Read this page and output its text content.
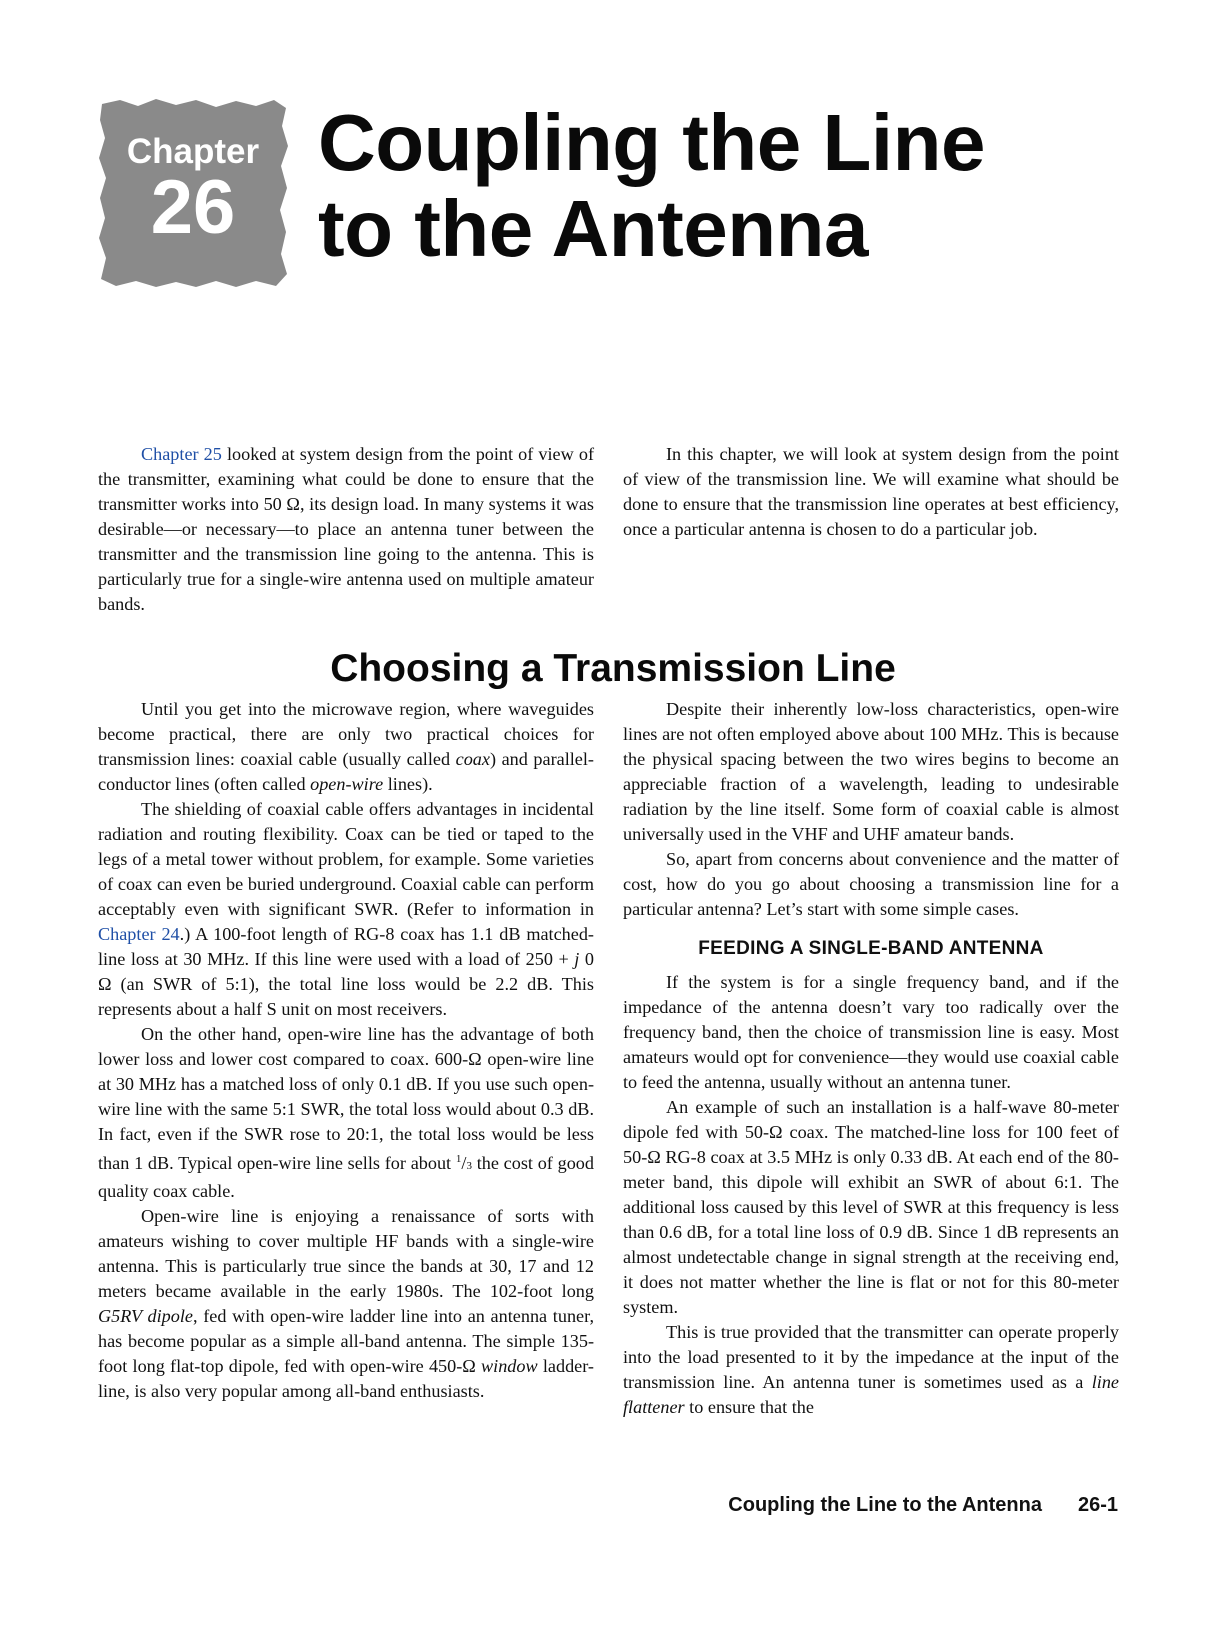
Chapter
26
Coupling the Line
to the Antenna

Chapter 25 looked at system design from the point of view of the transmitter, examining what could be done to ensure that the transmitter works into 50 Ω, its design load. In many systems it was desirable—or necessary—to place an antenna tuner between the transmitter and the transmission line going to the antenna. This is particularly true for a single-wire antenna used on multiple amateur bands.

In this chapter, we will look at system design from the point of view of the transmission line. We will examine what should be done to ensure that the transmission line operates at best efficiency, once a particular antenna is chosen to do a particular job.

Choosing a Transmission Line

Until you get into the microwave region, where waveguides become practical, there are only two practical choices for transmission lines: coaxial cable (usually called coax) and parallel-conductor lines (often called open-wire lines).

The shielding of coaxial cable offers advantages in incidental radiation and routing flexibility. Coax can be tied or taped to the legs of a metal tower without problem, for example. Some varieties of coax can even be buried underground. Coaxial cable can perform acceptably even with significant SWR. (Refer to information in Chapter 24.) A 100-foot length of RG-8 coax has 1.1 dB matched-line loss at 30 MHz. If this line were used with a load of 250 + j 0 Ω (an SWR of 5:1), the total line loss would be 2.2 dB. This represents about a half S unit on most receivers.

On the other hand, open-wire line has the advantage of both lower loss and lower cost compared to coax. 600-Ω open-wire line at 30 MHz has a matched loss of only 0.1 dB. If you use such open-wire line with the same 5:1 SWR, the total loss would about 0.3 dB. In fact, even if the SWR rose to 20:1, the total loss would be less than 1 dB. Typical open-wire line sells for about $^1$/3 the cost of good quality coax cable.

Open-wire line is enjoying a renaissance of sorts with amateurs wishing to cover multiple HF bands with a single-wire antenna. This is particularly true since the bands at 30, 17 and 12 meters became available in the early 1980s. The 102-foot long G5RV dipole, fed with open-wire ladder line into an antenna tuner, has become popular as a simple all-band antenna. The simple 135-foot long flat-top dipole, fed with open-wire 450-Ω window ladder-line, is also very popular among all-band enthusiasts.

Despite their inherently low-loss characteristics, open-wire lines are not often employed above about 100 MHz. This is because the physical spacing between the two wires begins to become an appreciable fraction of a wavelength, leading to undesirable radiation by the line itself. Some form of coaxial cable is almost universally used in the VHF and UHF amateur bands.

So, apart from concerns about convenience and the matter of cost, how do you go about choosing a transmission line for a particular antenna? Let’s start with some simple cases.

FEEDING A SINGLE-BAND ANTENNA

If the system is for a single frequency band, and if the impedance of the antenna doesn’t vary too radically over the frequency band, then the choice of transmission line is easy. Most amateurs would opt for convenience—they would use coaxial cable to feed the antenna, usually without an antenna tuner.

An example of such an installation is a half-wave 80-meter dipole fed with 50-Ω coax. The matched-line loss for 100 feet of 50-Ω RG-8 coax at 3.5 MHz is only 0.33 dB. At each end of the 80-meter band, this dipole will exhibit an SWR of about 6:1. The additional loss caused by this level of SWR at this frequency is less than 0.6 dB, for a total line loss of 0.9 dB. Since 1 dB represents an almost undetectable change in signal strength at the receiving end, it does not matter whether the line is flat or not for this 80-meter system.

This is true provided that the transmitter can operate properly into the load presented to it by the impedance at the input of the transmission line. An antenna tuner is sometimes used as a line flattener to ensure that the

Coupling the Line to the Antenna 26-1
